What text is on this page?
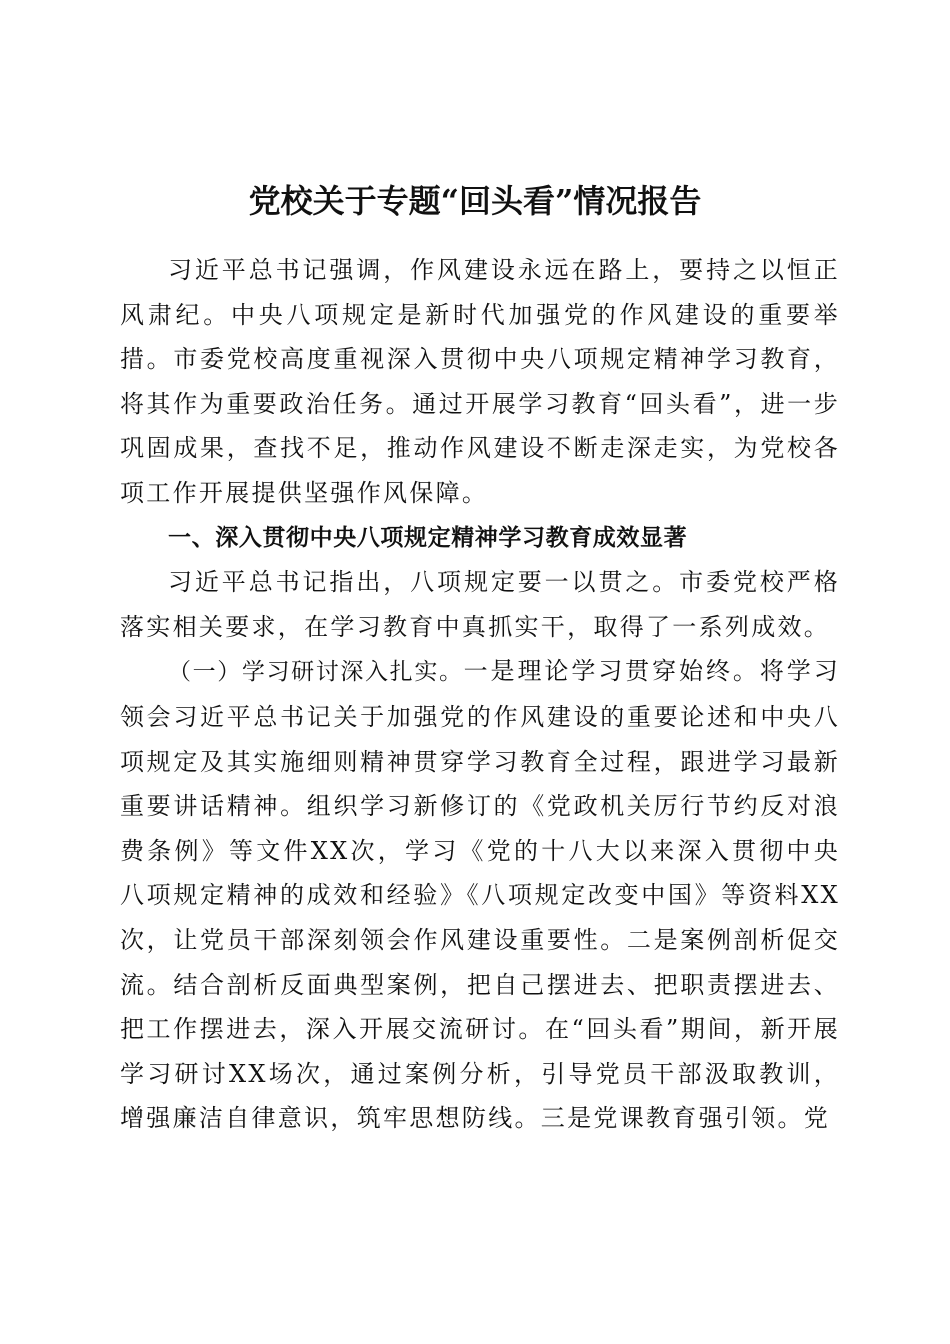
党校关于专题“回头看”情况报告

习近平总书记强调，作风建设永远在路上，要持之以恒正风肃纪。中央八项规定是新时代加强党的作风建设的重要举措。市委党校高度重视深入贯彻中央八项规定精神学习教育，将其作为重要政治任务。通过开展学习教育“回头看”，进一步巩固成果，查找不足，推动作风建设不断走深走实，为党校各项工作开展提供坚强作风保障。

一、深入贯彻中央八项规定精神学习教育成效显著

习近平总书记指出，八项规定要一以贯之。市委党校严格落实相关要求，在学习教育中真抓实干，取得了一系列成效。

（一）学习研讨深入扎实。一是理论学习贯穿始终。将学习领会习近平总书记关于加强党的作风建设的重要论述和中央八项规定及其实施细则精神贯穿学习教育全过程，跟进学习最新重要讲话精神。组织学习新修订的《党政机关厉行节约反对浪费条例》等文件XX次，学习《党的十八大以来深入贯彻中央八项规定精神的成效和经验》《八项规定改变中国》等资料XX次，让党员干部深刻领会作风建设重要性。二是案例剖析促交流。结合剖析反面典型案例，把自己摆进去、把职责摆进去、把工作摆进去，深入开展交流研讨。在“回头看”期间，新开展学习研讨XX场次，通过案例分析，引导党员干部汲取教训，增强廉洁自律意识，筑牢思想防线。三是党课教育强引领。党
